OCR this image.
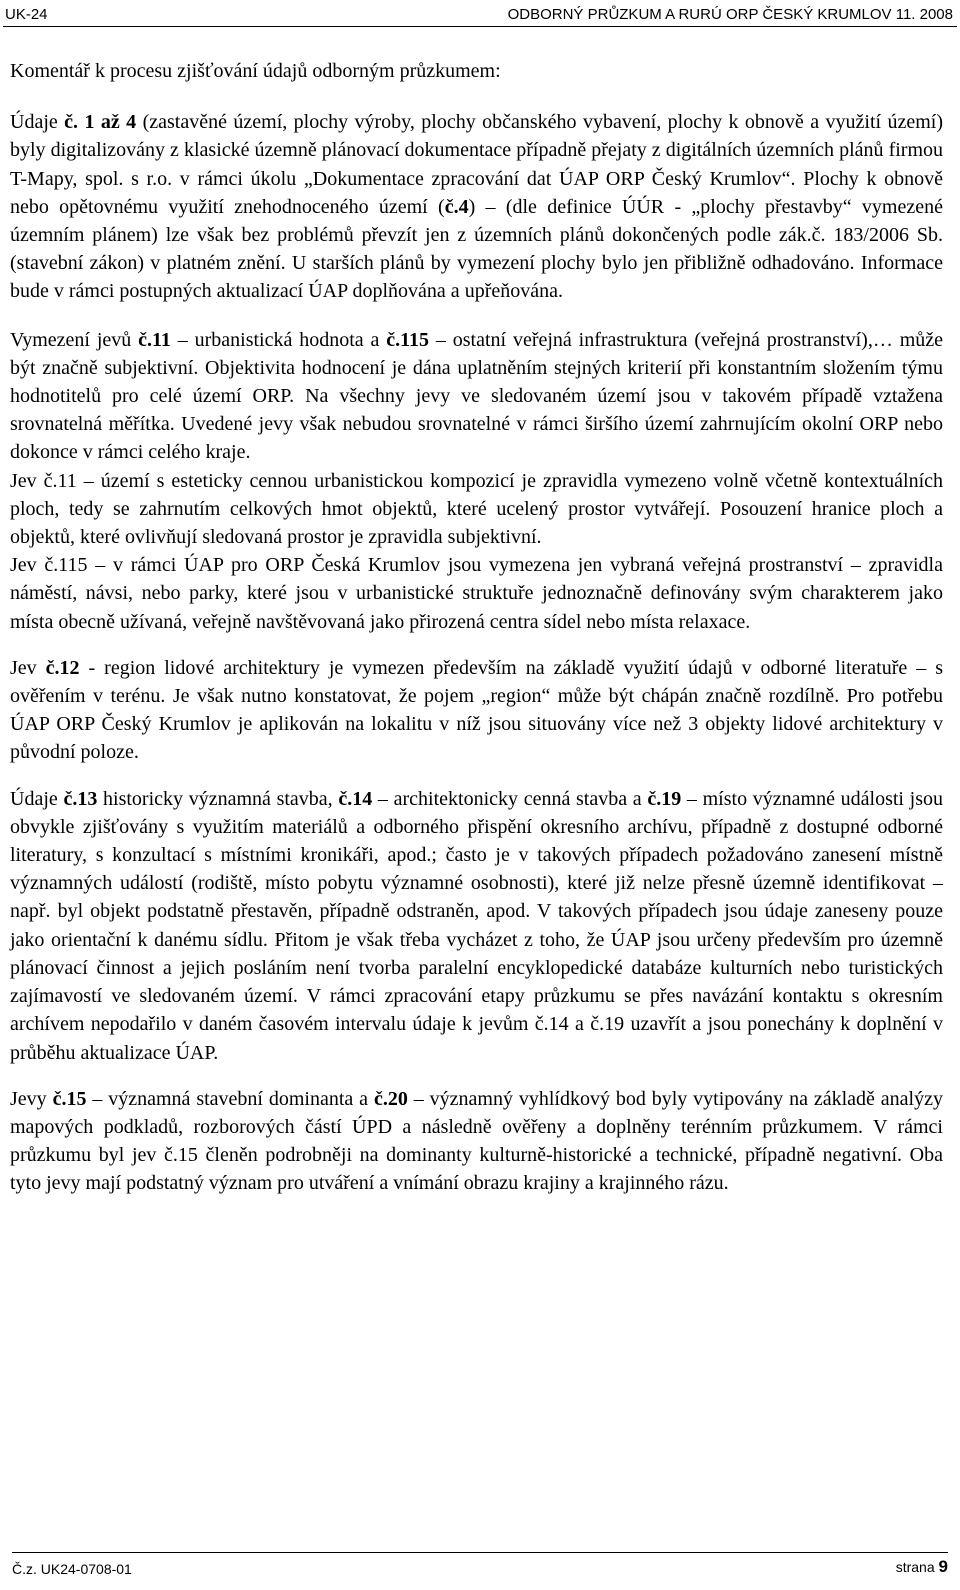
UK-24	ODBORNÝ PRŮZKUM A RURÚ ORP ČESKÝ KRUMLOV 11. 2008

Komentář k procesu zjišťování údajů odborným průzkumem:

Údaje č. 1 až 4 (zastavěné území, plochy výroby, plochy občanského vybavení, plochy k obnově a využití území) byly digitalizovány z klasické územně plánovací dokumentace případně přejaty z digitálních územních plánů firmou T-Mapy, spol. s r.o. v rámci úkolu „Dokumentace zpracování dat ÚAP ORP Český Krumlov“. Plochy k obnově nebo opětovnému využití znehodnoceného území (č.4) – (dle definice ÚÚR - „plochy přestavby“ vymezené územním plánem) lze však bez problémů převzít jen z územních plánů dokončených podle zák.č. 183/2006 Sb. (stavební zákon) v platném znění. U starších plánů by vymezení plochy bylo jen přibližně odhadováno. Informace bude v rámci postupných aktualizací ÚAP doplňována a upřeňována.

Vymezení jevů č.11 – urbanistická hodnota a č.115 – ostatní veřejná infrastruktura (veřejná prostranství),… může být značně subjektivní. Objektivita hodnocení je dána uplatněním stejných kriterií při konstantním složením týmu hodnotitelů pro celé území ORP. Na všechny jevy ve sledovaném území jsou v takovém případě vztažena srovnatelná měřítka. Uvedené jevy však nebudou srovnatelné v rámci širšího území zahrnujícím okolní ORP nebo dokonce v rámci celého kraje.

Jev č.11 – území s esteticky cennou urbanistickou kompozicí je zpravidla vymezeno volně včetně kontextuálních ploch, tedy se zahrnutím celkových hmot objektů, které ucelený prostor vytvářejí. Posouzení hranice ploch a objektů, které ovlivňují sledovaná prostor je zpravidla subjektivní.

Jev č.115 – v rámci ÚAP pro ORP Česká Krumlov jsou vymezena jen vybraná veřejná prostranství – zpravidla náměstí, návsi, nebo parky, které jsou v urbanistické struktuře jednoznačně definovány svým charakterem jako místa obecně užívaná, veřejně navštěvovaná jako přirozená centra sídel nebo místa relaxace.

Jev č.12 - region lidové architektury je vymezen především na základě využití údajů v odborné literatuře – s ověřením v terénu. Je však nutno konstatovat, že pojem „region“ může být chápán značně rozdílně. Pro potřebu ÚAP ORP Český Krumlov je aplikován na lokalitu v níž jsou situovány více než 3 objekty lidové architektury v původní poloze.

Údaje č.13 historicky významná stavba, č.14 – architektonicky cenná stavba a č.19 – místo významné události jsou obvykle zjišťovány s využitím materiálů a odborného přispění okresního archívu, případně z dostupné odborné literatury, s konzultací s místními kronikáři, apod.; často je v takových případech požadováno zanesení místně významných událostí (rodiště, místo pobytu významné osobnosti), které již nelze přesně územně identifikovat – např. byl objekt podstatně přestavěn, případně odstraněn, apod. V takových případech jsou údaje zaneseny pouze jako orientační k danému sídlu. Přitom je však třeba vycházet z toho, že ÚAP jsou určeny především pro územně plánovací činnost a jejich posláním není tvorba paralelní encyklopedické databáze kulturních nebo turistických zajímavostí ve sledovaném území. V rámci zpracování etapy průzkumu se přes navázání kontaktu s okresním archívem nepodařilo v daném časovém intervalu údaje k jevům č.14 a č.19 uzavřít a jsou ponechány k doplnění v průběhu aktualizace ÚAP.

Jevy č.15 – významná stavební dominanta a č.20 – významný vyhlídkový bod byly vytipovány na základě analýzy mapových podkladů, rozborových částí ÚPD a následně ověřeny a doplněny terénním průzkumem. V rámci průzkumu byl jev č.15 členěn podrobněji na dominanty kulturně-historické a technické, případně negativní. Oba tyto jevy mají podstatný význam pro utváření a vnímání obrazu krajiny a krajinného rázu.

Č.z. UK24-0708-01	strana 9
